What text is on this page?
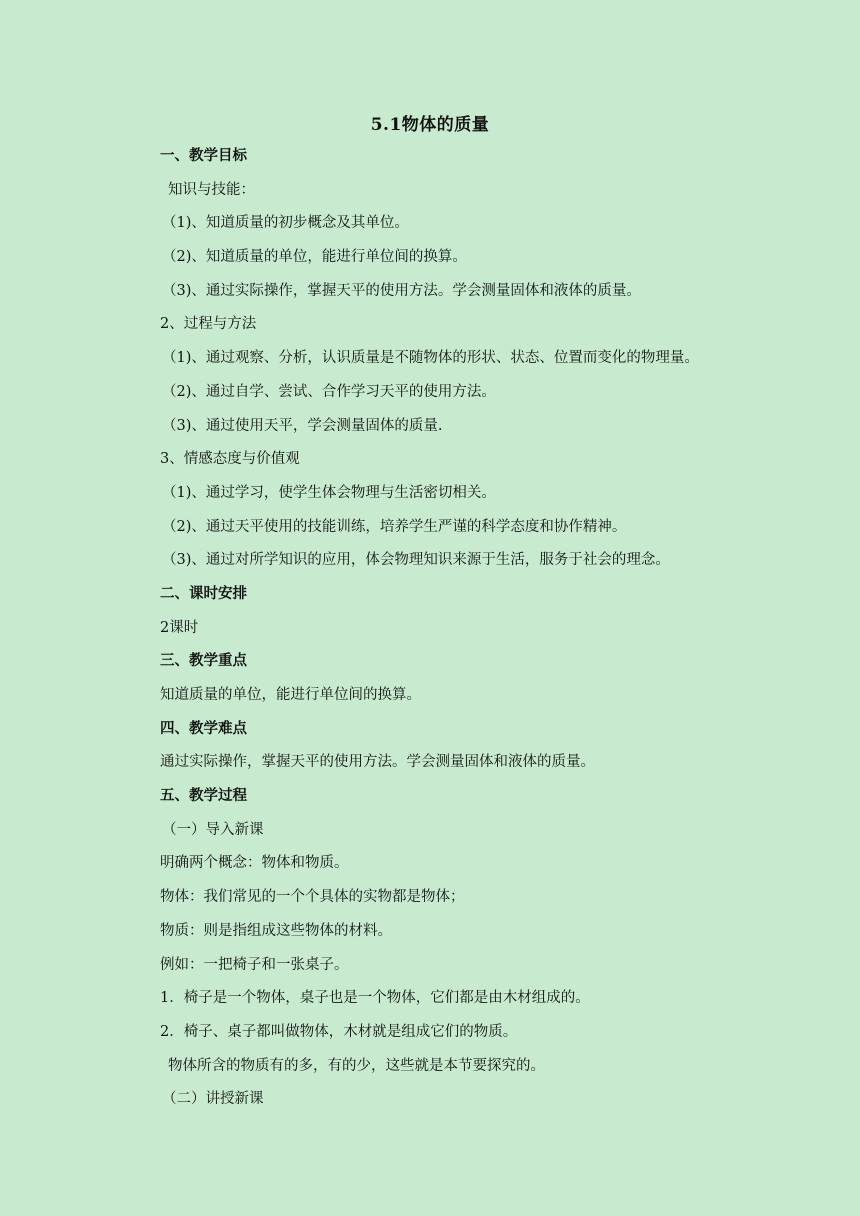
5.1物体的质量
一、教学目标
知识与技能：
（1)、知道质量的初步概念及其单位。
（2)、知道质量的单位，能进行单位间的换算。
（3)、通过实际操作，掌握天平的使用方法。学会测量固体和液体的质量。
2、过程与方法
（1)、通过观察、分析，认识质量是不随物体的形状、状态、位置而变化的物理量。
（2)、通过自学、尝试、合作学习天平的使用方法。
（3)、通过使用天平，学会测量固体的质量.
3、情感态度与价值观
（1)、通过学习，使学生体会物理与生活密切相关。
（2)、通过天平使用的技能训练，培养学生严谨的科学态度和协作精神。
（3)、通过对所学知识的应用，体会物理知识来源于生活，服务于社会的理念。
二、课时安排
2课时
三、教学重点
知道质量的单位，能进行单位间的换算。
四、教学难点
通过实际操作，掌握天平的使用方法。学会测量固体和液体的质量。
五、教学过程
（一）导入新课
明确两个概念：物体和物质。
物体：我们常见的一个个具体的实物都是物体；
物质：则是指组成这些物体的材料。
例如：一把椅子和一张桌子。
1．椅子是一个物体，桌子也是一个物体，它们都是由木材组成的。
2．椅子、桌子都叫做物体，木材就是组成它们的物质。
物体所含的物质有的多，有的少，这些就是本节要探究的。
（二）讲授新课
